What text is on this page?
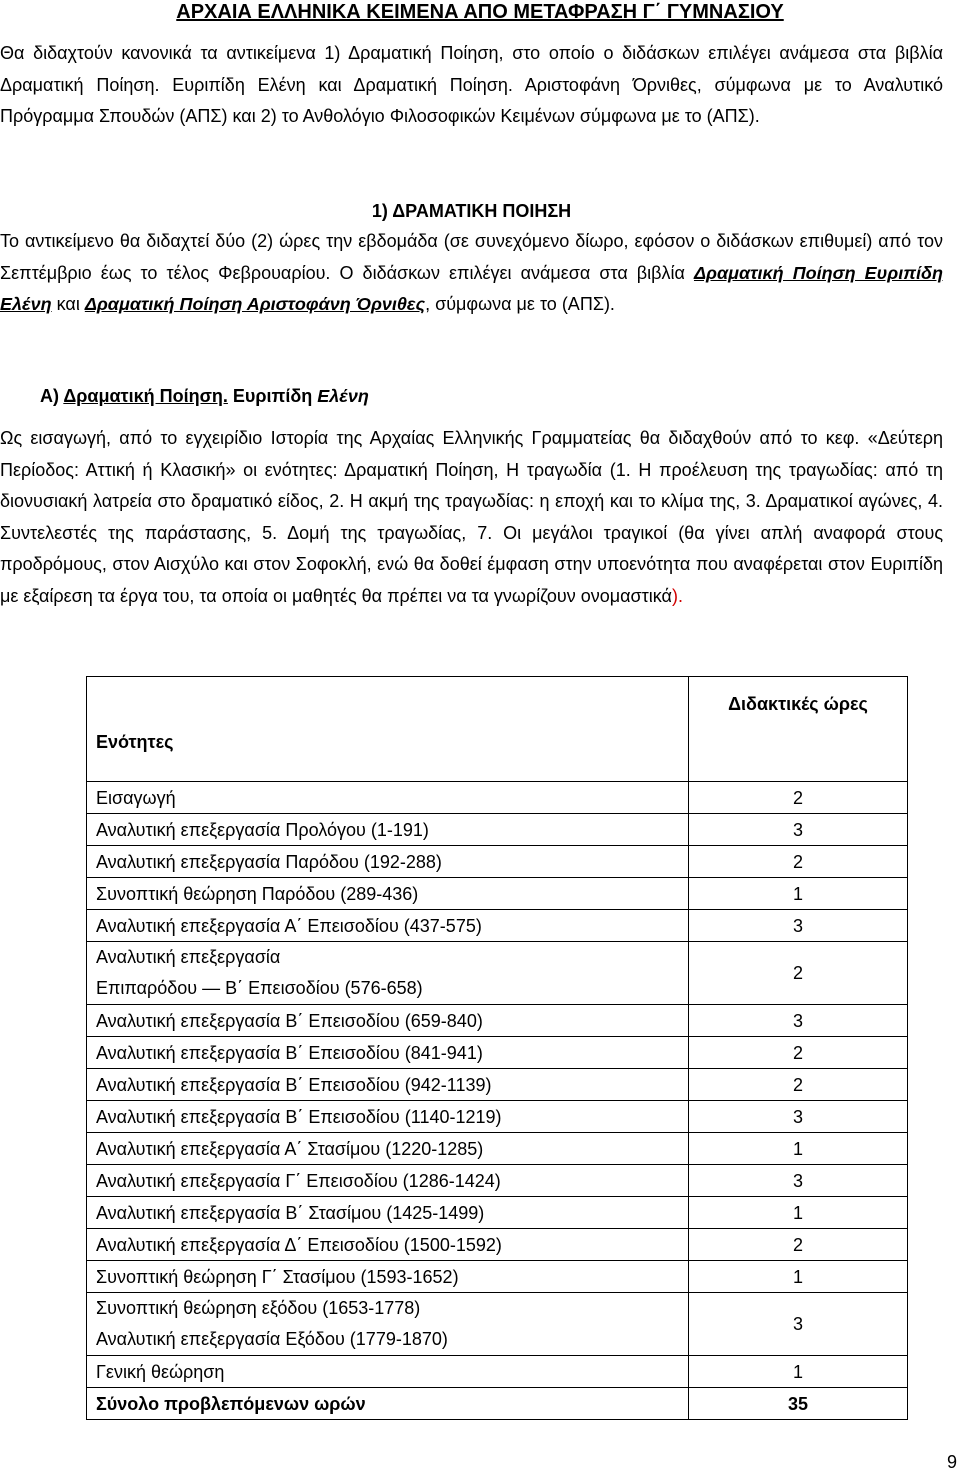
ΑΡΧΑΙΑ ΕΛΛΗΝΙΚΑ ΚΕΙΜΕΝΑ ΑΠΟ ΜΕΤΑΦΡΑΣΗ Γ΄ ΓΥΜΝΑΣΙΟΥ

Θα διδαχτούν κανονικά τα αντικείμενα 1) Δραματική Ποίηση, στο οποίο ο διδάσκων επιλέγει ανάμεσα στα βιβλία Δραματική Ποίηση. Ευριπίδη Ελένη και Δραματική Ποίηση. Αριστοφάνη Όρνιθες, σύμφωνα με το Αναλυτικό Πρόγραμμα Σπουδών (ΑΠΣ) και 2) το Ανθολόγιο Φιλοσοφικών Κειμένων σύμφωνα με το (ΑΠΣ).

1) ΔΡΑΜΑΤΙΚΗ ΠΟΙΗΣΗ

Το αντικείμενο θα διδαχτεί δύο (2) ώρες την εβδομάδα (σε συνεχόμενο δίωρο, εφόσον ο διδάσκων επιθυμεί) από τον Σεπτέμβριο έως το τέλος Φεβρουαρίου. Ο διδάσκων επιλέγει ανάμεσα στα βιβλία Δραματική Ποίηση Ευριπίδη Ελένη και Δραματική Ποίηση Αριστοφάνη Όρνιθες, σύμφωνα με το (ΑΠΣ).

Α) Δραματική Ποίηση. Ευριπίδη Ελένη

Ως εισαγωγή, από το εγχειρίδιο Ιστορία της Αρχαίας Ελληνικής Γραμματείας θα διδαχθούν από το κεφ. «Δεύτερη Περίοδος: Αττική ή Κλασική» οι ενότητες: Δραματική Ποίηση, Η τραγωδία (1. Η προέλευση της τραγωδίας: από τη διονυσιακή λατρεία στο δραματικό είδος, 2. Η ακμή της τραγωδίας: η εποχή και το κλίμα της, 3. Δραματικοί αγώνες, 4. Συντελεστές της παράστασης, 5. Δομή της τραγωδίας, 7. Οι μεγάλοι τραγικοί (θα γίνει απλή αναφορά στους προδρόμους, στον Αισχύλο και στον Σοφοκλή, ενώ θα δοθεί έμφαση στην υποενότητα που αναφέρεται στον Ευριπίδη με εξαίρεση τα έργα του, τα οποία οι μαθητές θα πρέπει να τα γνωρίζουν ονομαστικά).

Ενότητες	Διδακτικές ώρες
Εισαγωγή	2
Αναλυτική επεξεργασία Προλόγου (1-191)	3
Αναλυτική επεξεργασία Παρόδου (192-288)	2
Συνοπτική θεώρηση Παρόδου (289-436)	1
Αναλυτική επεξεργασία Α΄ Επεισοδίου (437-575)	3

Αναλυτική επεξεργασία
Επιπαρόδου — Β΄ Επεισοδίου (576-658)	2
Αναλυτική επεξεργασία Β΄ Επεισοδίου (659-840)	3
Αναλυτική επεξεργασία Β΄ Επεισοδίου (841-941)	2
Αναλυτική επεξεργασία Β΄ Επεισοδίου (942-1139)	2
Αναλυτική επεξεργασία Β΄ Επεισοδίου (1140-1219)	3
Αναλυτική επεξεργασία Α΄ Στασίμου (1220-1285)	1
Αναλυτική επεξεργασία Γ΄ Επεισοδίου (1286-1424)	3
Αναλυτική επεξεργασία Β΄ Στασίμου (1425-1499)	1
Αναλυτική επεξεργασία Δ΄ Επεισοδίου (1500-1592)	2
Συνοπτική θεώρηση Γ΄ Στασίμου (1593-1652)	1

Συνοπτική θεώρηση εξόδου (1653-1778)
Αναλυτική επεξεργασία Εξόδου (1779-1870)	3
Γενική θεώρηση	1
Σύνολο προβλεπόμενων ωρών	35
9
